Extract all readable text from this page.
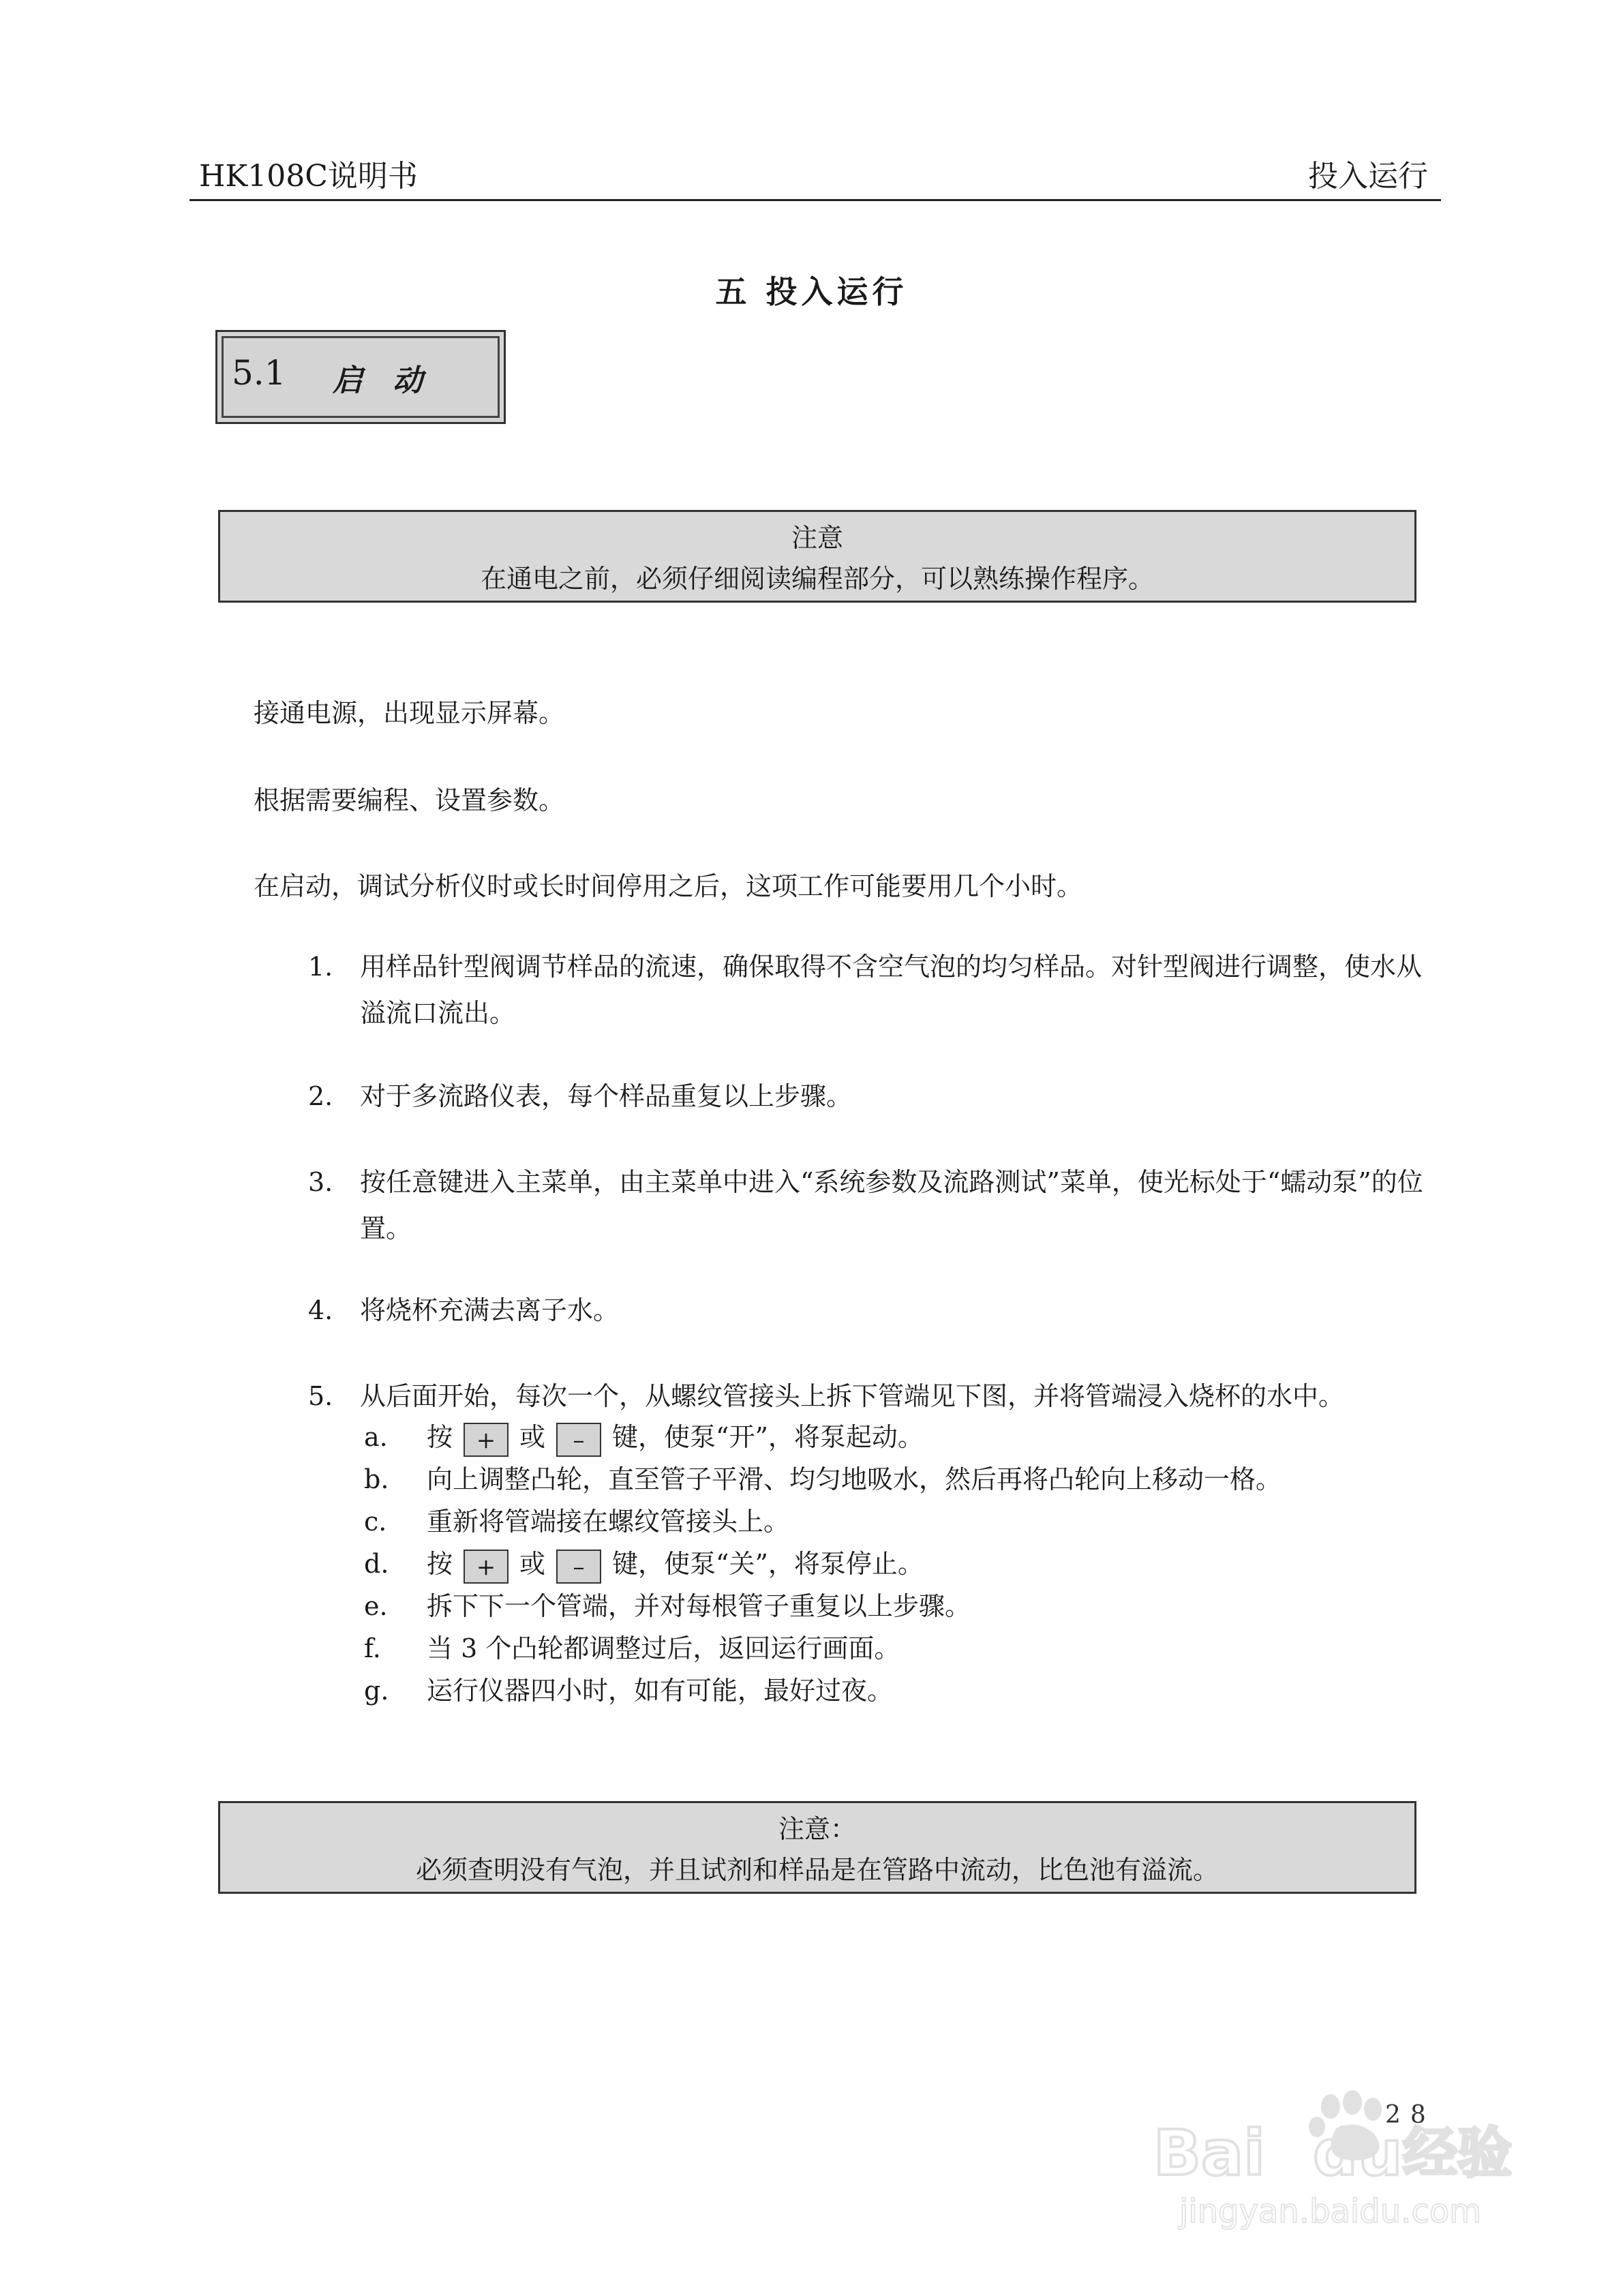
HK108C说明书	投入运行
五 投入运行
5.1 启动
注意
在通电之前，必须仔细阅读编程部分，可以熟练操作程序。
接通电源，出现显示屏幕。
根据需要编程、设置参数。
在启动，调试分析仪时或长时间停用之后，这项工作可能要用几个小时。
1. 用样品针型阀调节样品的流速，确保取得不含空气泡的均匀样品。对针型阀进行调整，使水从溢流口流出。
2. 对于多流路仪表，每个样品重复以上步骤。
3. 按任意键进入主菜单，由主菜单中进入“系统参数及流路测试”菜单，使光标处于“蠕动泵”的位置。
4. 将烧杯充满去离子水。
5. 从后面开始，每次一个，从螺纹管接头上拆下管端见下图，并将管端浸入烧杯的水中。
a. 按 + 或 – 键，使泵“开”，将泵起动。
b. 向上调整凸轮，直至管子平滑、均匀地吸水，然后再将凸轮向上移动一格。
c. 重新将管端接在螺纹管接头上。
d. 按 + 或 – 键，使泵“关”，将泵停止。
e. 拆下下一个管端，并对每根管子重复以上步骤。
f. 当 3 个凸轮都调整过后，返回运行画面。
g. 运行仪器四小时，如有可能，最好过夜。
注意：
必须查明没有气泡，并且试剂和样品是在管路中流动，比色池有溢流。
Bai du 经验
jingyan.baidu.com
28
